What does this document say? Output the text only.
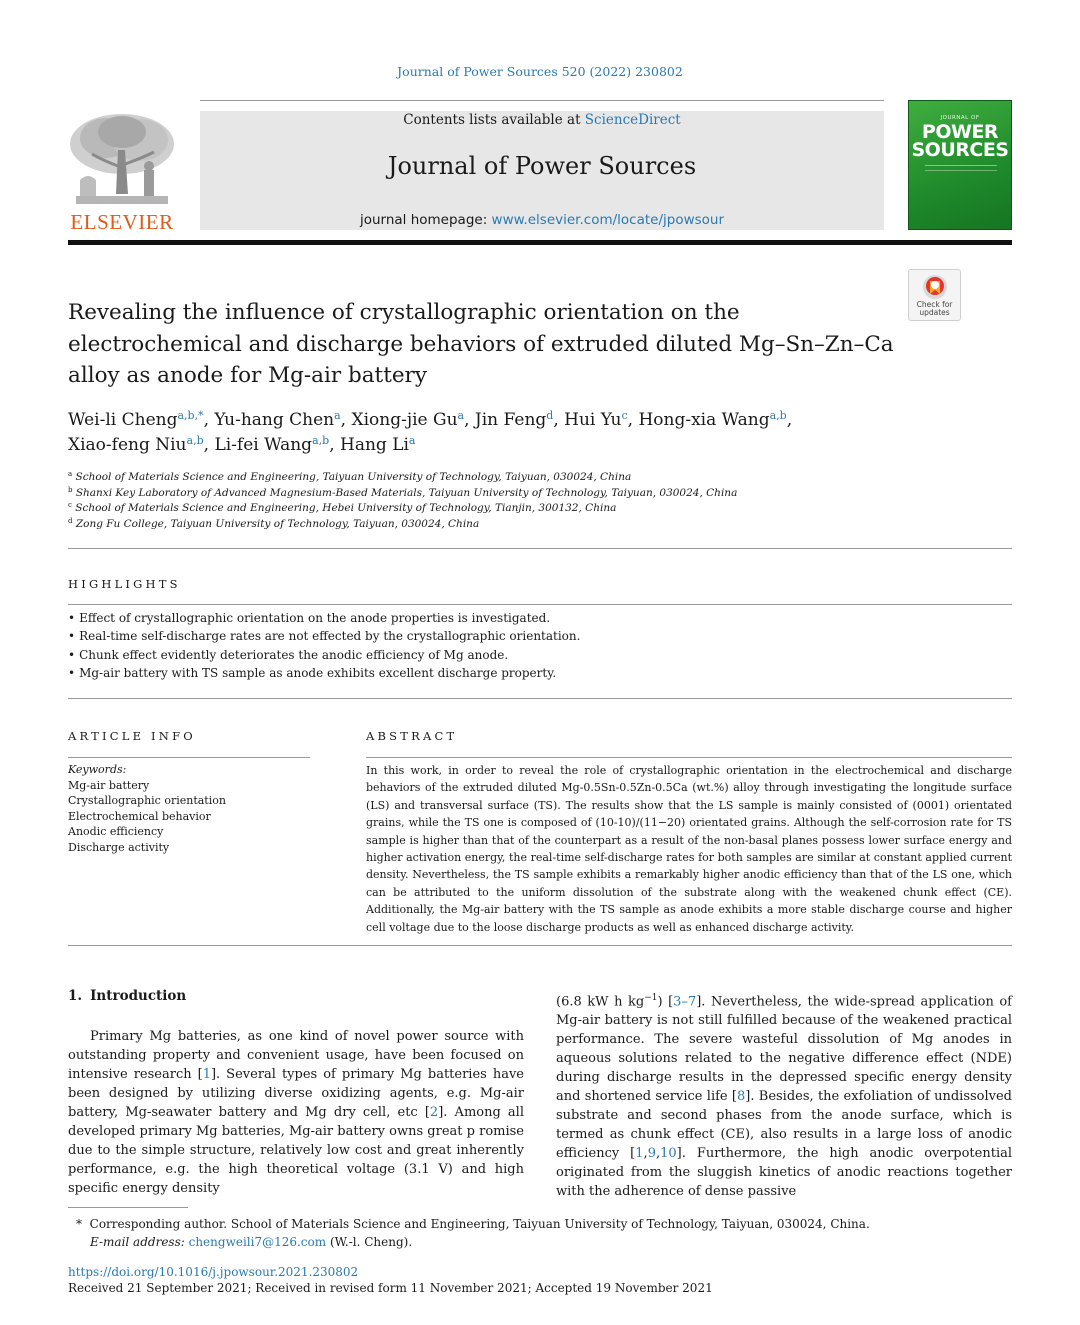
Journal of Power Sources 520 (2022) 230802
ELSEVIER
Contents lists available at ScienceDirect
Journal of Power Sources
journal homepage: www.elsevier.com/locate/jpowsour
JOURNAL OF
POWER
SOURCES
Check for
updates
Revealing the influence of crystallographic orientation on the
electrochemical and discharge behaviors of extruded diluted Mg–Sn–Zn–Ca
alloy as anode for Mg-air battery
Wei-li Cheng$^{a,b,*}$, Yu-hang Chen$^a$, Xiong-jie Gu$^a$, Jin Feng$^d$, Hui Yu$^c$, Hong-xia Wang$^{a,b}$,
Xiao-feng Niu$^{a,b}$, Li-fei Wang$^{a,b}$, Hang Li$^a$
$^a$ School of Materials Science and Engineering, Taiyuan University of Technology, Taiyuan, 030024, China
$^b$ Shanxi Key Laboratory of Advanced Magnesium-Based Materials, Taiyuan University of Technology, Taiyuan, 030024, China
$^c$ School of Materials Science and Engineering, Hebei University of Technology, Tianjin, 300132, China
$^d$ Zong Fu College, Taiyuan University of Technology, Taiyuan, 030024, China
HIGHLIGHTS
• Effect of crystallographic orientation on the anode properties is investigated.
• Real-time self-discharge rates are not effected by the crystallographic orientation.
• Chunk effect evidently deteriorates the anodic efficiency of Mg anode.
• Mg-air battery with TS sample as anode exhibits excellent discharge property.
ARTICLE INFO
Keywords:
Mg-air battery
Crystallographic orientation
Electrochemical behavior
Anodic efficiency
Discharge activity
ABSTRACT
In this work, in order to reveal the role of crystallographic orientation in the electrochemical and discharge behaviors of the extruded diluted Mg-0.5Sn-0.5Zn-0.5Ca (wt.%) alloy through investigating the longitude surface (LS) and transversal surface (TS). The results show that the LS sample is mainly consisted of (0001) orientated grains, while the TS one is composed of (10-10)/(11−20) orientated grains. Although the self-corrosion rate for TS sample is higher than that of the counterpart as a result of the non-basal planes possess lower surface energy and higher activation energy, the real-time self-discharge rates for both samples are similar at constant applied current density. Nevertheless, the TS sample exhibits a remarkably higher anodic efficiency than that of the LS one, which can be attributed to the uniform dissolution of the substrate along with the weakened chunk effect (CE). Additionally, the Mg-air battery with the TS sample as anode exhibits a more stable discharge course and higher cell voltage due to the loose discharge products as well as enhanced discharge activity.
1. Introduction
Primary Mg batteries, as one kind of novel power source with outstanding property and convenient usage, have been focused on intensive research [1]. Several types of primary Mg batteries have been designed by utilizing diverse oxidizing agents, e.g. Mg-air battery, Mg-seawater battery and Mg dry cell, etc [2]. Among all developed primary Mg batteries, Mg-air battery owns great p romise due to the simple structure, relatively low cost and great inherently performance, e.g. the high theoretical voltage (3.1 V) and high specific energy density
(6.8 kW h $kg^{-1}$) [3–7]. Nevertheless, the wide-spread application of Mg-air battery is not still fulfilled because of the weakened practical performance. The severe wasteful dissolution of Mg anodes in aqueous solutions related to the negative difference effect (NDE) during discharge results in the depressed specific energy density and shortened service life [8]. Besides, the exfoliation of undissolved substrate and second phases from the anode surface, which is termed as chunk effect (CE), also results in a large loss of anodic efficiency [1,9,10]. Furthermore, the high anodic overpotential originated from the sluggish kinetics of anodic reactions together with the adherence of dense passive
* Corresponding author. School of Materials Science and Engineering, Taiyuan University of Technology, Taiyuan, 030024, China.
E-mail address: chengweili7@126.com (W.-l. Cheng).
https://doi.org/10.1016/j.jpowsour.2021.230802
Received 21 September 2021; Received in revised form 11 November 2021; Accepted 19 November 2021
